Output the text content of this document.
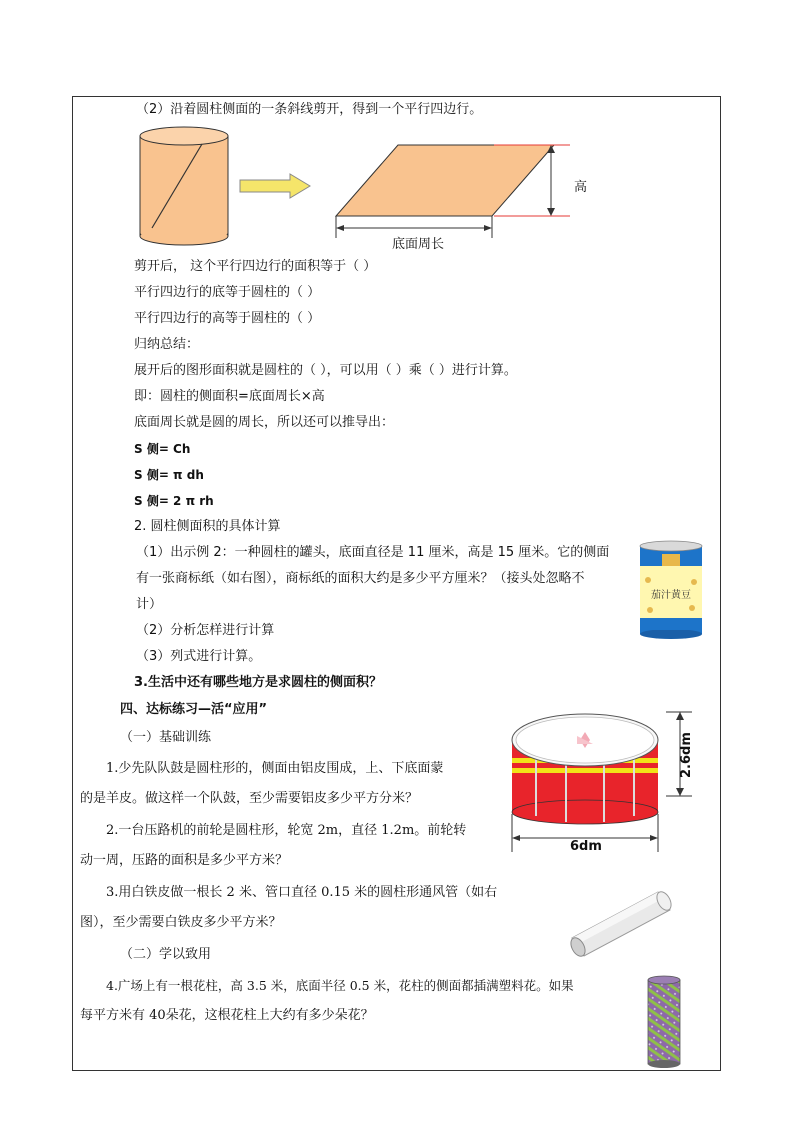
（2）沿着圆柱侧面的一条斜线剪开，得到一个平行四边行。
高
底面周长
剪开后， 这个平行四边行的面积等于（ ）
平行四边行的底等于圆柱的（ ）
平行四边行的高等于圆柱的（ ）
归纳总结：
展开后的图形面积就是圆柱的（ ），可以用（ ）乘（ ）进行计算。
即：圆柱的侧面积=底面周长×高
底面周长就是圆的周长，所以还可以推导出：
S 侧= Ch
S 侧= π dh
S 侧= 2 π rh
2. 圆柱侧面积的具体计算
（1）出示例 2：一种圆柱的罐头，底面直径是 11 厘米，高是 15 厘米。它的侧面
有一张商标纸（如右图），商标纸的面积大约是多少平方厘米？（接头处忽略不
计）
（2）分析怎样进行计算
（3）列式进行计算。
3.生活中还有哪些地方是求圆柱的侧面积？
四、达标练习—活“应用”
（一）基础训练
1.少先队队鼓是圆柱形的，侧面由铝皮围成，上、下底面蒙
的是羊皮。做这样一个队鼓，至少需要铝皮多少平方分米？
2.一台压路机的前轮是圆柱形，轮宽 2m，直径 1.2m。前轮转
动一周，压路的面积是多少平方米？
3.用白铁皮做一根长 2 米、管口直径 0.15 米的圆柱形通风管（如右
图），至少需要白铁皮多少平方米？
（二）学以致用
4.广场上有一根花柱，高 3.5 米，底面半径 0.5 米，花柱的侧面都插满塑料花。如果
每平方米有 40朵花，这根花柱上大约有多少朵花？
茄汁黄豆
2.6dm
6dm
